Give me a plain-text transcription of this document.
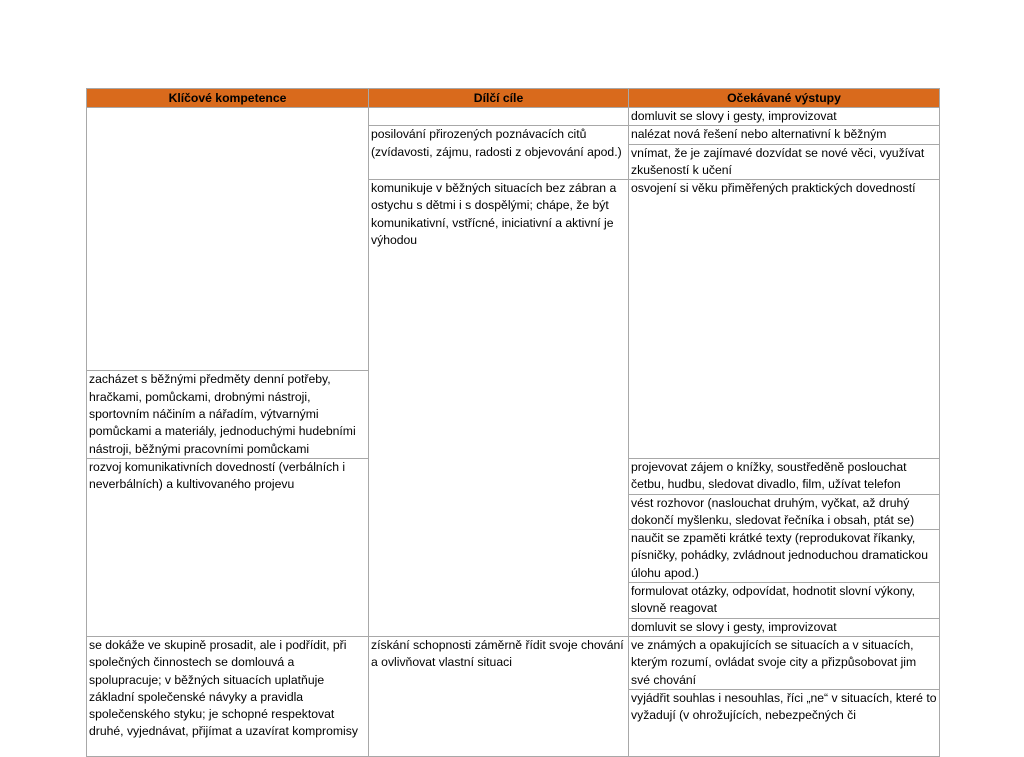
Klíčové kompetence	Dílčí cíle	Očekávané výstupy	
		domluvit se slovy i gesty, improvizovat	
	posilování přirozených poznávacích citů (zvídavosti, zájmu, radosti z objevování apod.)	nalézat nová řešení nebo alternativní k běžným	
		vnímat, že je zajímavé dozvídat se nové věci, využívat zkušeností k učení	
	komunikuje v běžných situacích bez zábran a ostychu s dětmi i s dospělými; chápe, že být komunikativní, vstřícné, iniciativní a aktivní je výhodou	osvojení si věku přiměřených praktických dovedností	
zacházet s běžnými předměty denní potřeby, hračkami, pomůckami, drobnými nástroji, sportovním náčiním a nářadím, výtvarnými pomůckami a materiály, jednoduchými hudebními nástroji, běžnými pracovními pomůckami			
rozvoj komunikativních dovedností (verbálních i neverbálních) a kultivovaného projevu		projevovat zájem o knížky, soustředěně poslouchat četbu, hudbu, sledovat divadlo, film, užívat telefon	
		vést rozhovor (naslouchat druhým, vyčkat, až druhý dokončí myšlenku, sledovat řečníka i obsah, ptát se)	
		naučit se zpaměti krátké texty (reprodukovat říkanky, písničky, pohádky, zvládnout jednoduchou dramatickou úlohu apod.)	
		formulovat otázky, odpovídat, hodnotit slovní výkony, slovně reagovat	
		domluvit se slovy i gesty, improvizovat	
se dokáže ve skupině prosadit, ale i podřídit, při společných činnostech se domlouvá a spolupracuje; v běžných situacích uplatňuje základní společenské návyky a pravidla společenského styku; je schopné respektovat druhé, vyjednávat, přijímat a uzavírat kompromisy	získání schopnosti záměrně řídit svoje chování a ovlivňovat vlastní situaci	ve známých a opakujících se situacích a v situacích, kterým rozumí, ovládat svoje city a přizpůsobovat jim své chování	
		vyjádřit souhlas i nesouhlas, říci „ne“ v situacích, které to vyžadují (v ohrožujících, nebezpečných či	
